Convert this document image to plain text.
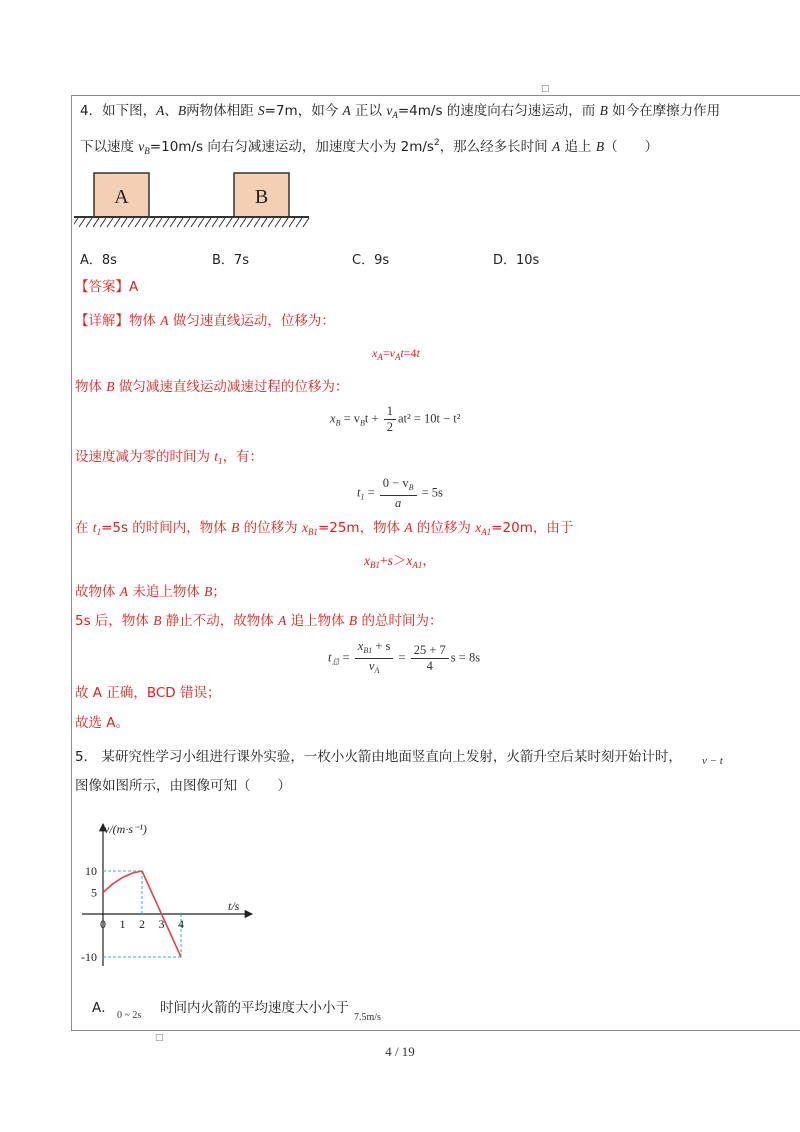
□
4．如下图，A、B两物体相距 S=7m，如今 A 正以 $v_A=4m/s$ 的速度向右匀速运动，而 B 如今在摩擦力作用
下以速度 $v_B=10m/s$ 向右匀减速运动，加速度大小为 $2m/s^2$，那么经多长时间 A 追上 B（　　）
A	B
A．8s	B．7s	C．9s	D．10s
【答案】A
【详解】物体 A 做匀速直线运动，位移为：
$x_A=v_At=4t$
物体 B 做匀减速直线运动减速过程的位移为：
$x_B = v_Bt + \frac{1}{2} at^2 = 10t - t^2$
设速度减为零的时间为 $t_1$，有：
$t_1 = \frac{0 - v_B}{a} = 5s$
在 $t_1=5s$ 的时间内，物体 B 的位移为 $x_{B1}=25m$，物体 A 的位移为 $x_{A1}=20m$，由于
$x_{B1}+s>x_{A1}$，
故物体 A 未追上物体 B；
5s 后，物体 B 静止不动，故物体 A 追上物体 B 的总时间为：
$t_总 = \frac{x_{B1} + s}{v_A} = \frac{25 + 7}{4}$ s = 8s
故 A 正确，BCD 错误；
故选 A。
5． 某研究性学习小组进行课外实验，一枚小火箭由地面竖直向上发射，火箭升空后某时刻开始计时， v − t
图像如图所示，由图像可知（　　）
v/(m·s⁻¹)
t/s
10
5
-10
0 1 2 3 4
A． 0 ~ 2s 时间内火箭的平均速度大小小于
7.5m/s
□
4 / 19
